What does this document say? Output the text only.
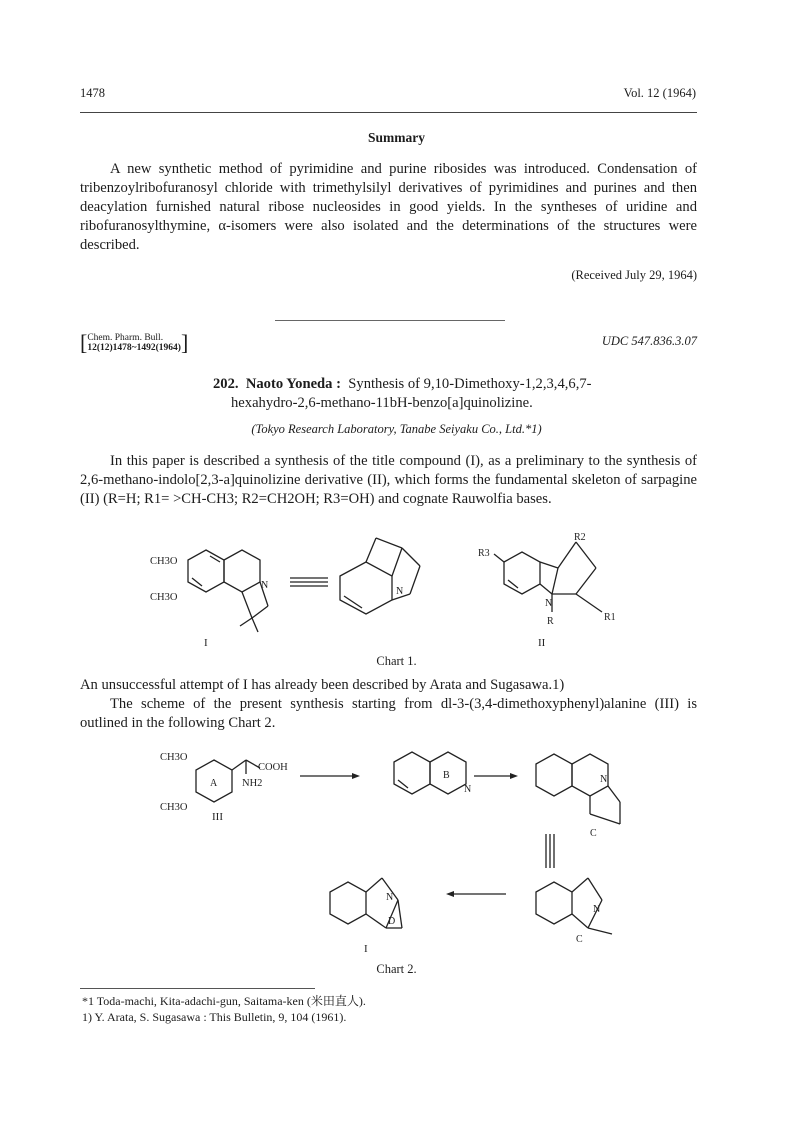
1478	Vol. 12 (1964)
Summary
A new synthetic method of pyrimidine and purine ribosides was introduced. Condensation of tribenzoylribofuranosyl chloride with trimethylsilyl derivatives of pyrimidines and purines and then deacylation furnished natural ribose nucleosides in good yields. In the syntheses of uridine and ribofuranosylthymine, α-isomers were also isolated and the determinations of the structures were described.
(Received July 29, 1964)
[Chem. Pharm. Bull.
12(12)1478~1492(1964)]	UDC 547.836.3.07
202. Naoto Yoneda : Synthesis of 9,10-Dimethoxy-1,2,3,4,6,7-
hexahydro-2,6-methano-11bH-benzo[a]quinolizine.
(Tokyo Research Laboratory, Tanabe Seiyaku Co., Ltd.*1)
In this paper is described a synthesis of the title compound (I), as a preliminary to the synthesis of 2,6-methano-indolo[2,3-a]quinolizine derivative (II), which forms the fundamental skeleton of sarpagine (II) (R=H; R1= >CH-CH3; R2=CH2OH; R3=OH) and cognate Rauwolfia bases.
CH3O
CH3O
N
I
N
R3
R2
R1
N
R
II
Chart 1.
An unsuccessful attempt of I has already been described by Arata and Sugasawa.1)
The scheme of the present synthesis starting from dl-3-(3,4-dimethoxyphenyl)alanine (III) is outlined in the following Chart 2.
CH3O
CH3O
COOH
NH2
A
III
B
N
N
C
N
C
N
D
I
Chart 2.
*1 Toda-machi, Kita-adachi-gun, Saitama-ken (米田直人).
1) Y. Arata, S. Sugasawa : This Bulletin, 9, 104 (1961).
